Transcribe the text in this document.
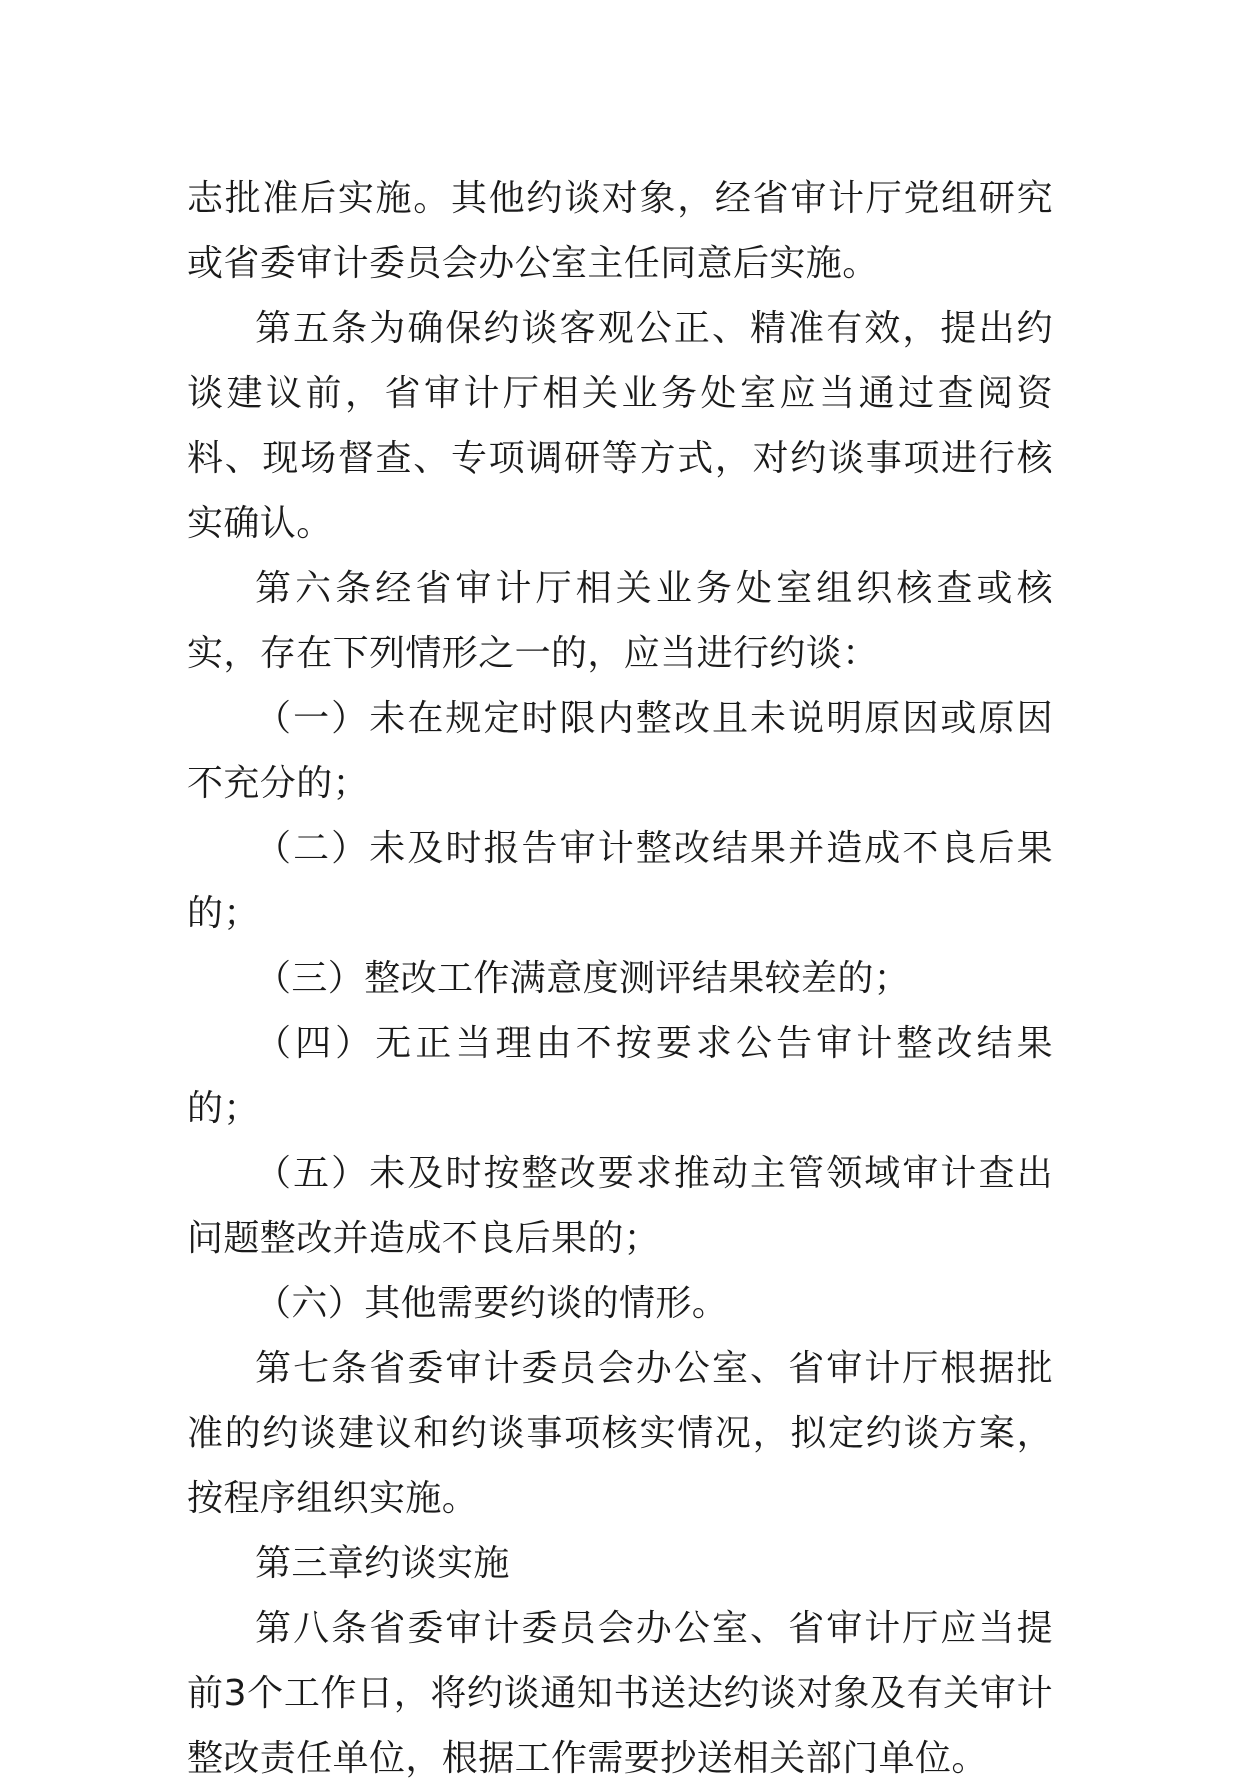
志批准后实施。其他约谈对象，经省审计厅党组研究或省委审计委员会办公室主任同意后实施。

第五条为确保约谈客观公正、精准有效，提出约谈建议前，省审计厅相关业务处室应当通过查阅资料、现场督查、专项调研等方式，对约谈事项进行核实确认。

第六条经省审计厅相关业务处室组织核查或核实，存在下列情形之一的，应当进行约谈：

（一）未在规定时限内整改且未说明原因或原因不充分的；

（二）未及时报告审计整改结果并造成不良后果的；

（三）整改工作满意度测评结果较差的；

（四）无正当理由不按要求公告审计整改结果的；

（五）未及时按整改要求推动主管领域审计查出问题整改并造成不良后果的；

（六）其他需要约谈的情形。

第七条省委审计委员会办公室、省审计厅根据批准的约谈建议和约谈事项核实情况，拟定约谈方案，按程序组织实施。

第三章约谈实施

第八条省委审计委员会办公室、省审计厅应当提前3个工作日，将约谈通知书送达约谈对象及有关审计整改责任单位，根据工作需要抄送相关部门单位。
